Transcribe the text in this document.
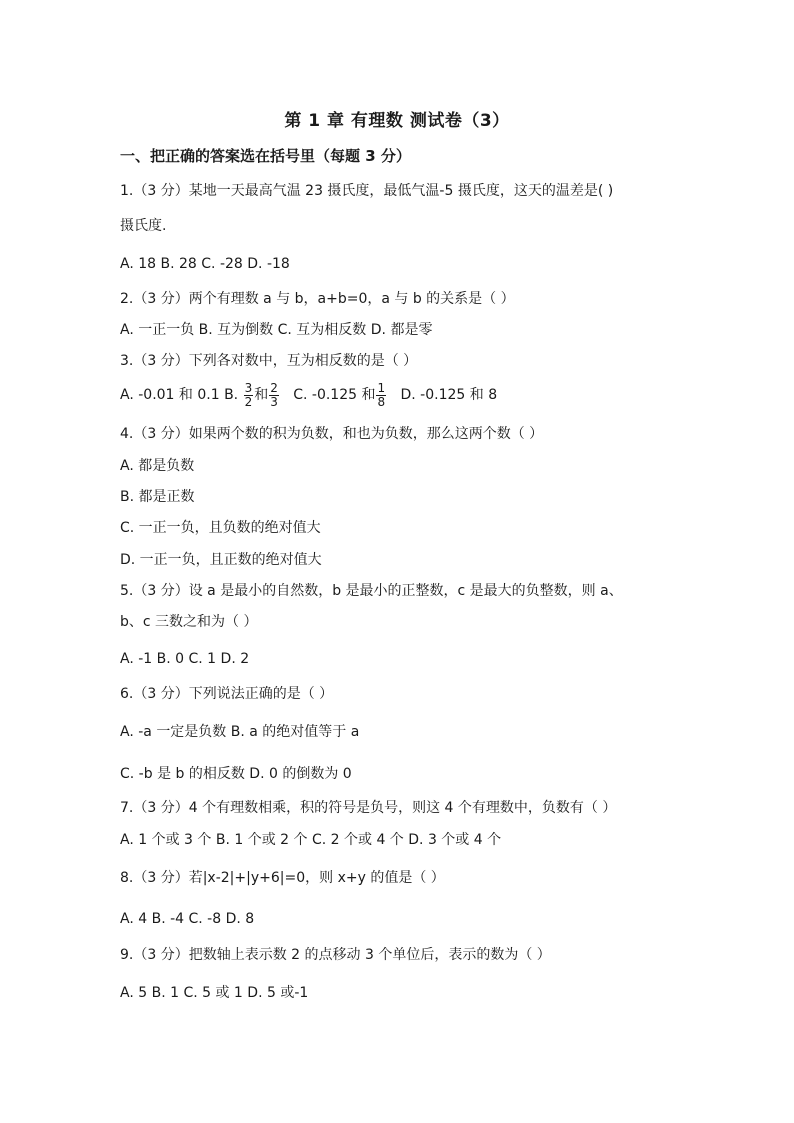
第 1 章 有理数 测试卷（3）
一、把正确的答案选在括号里（每题 3 分）
1.（3 分）某地一天最高气温 23 摄氏度，最低气温-5 摄氏度，这天的温差是( )
摄氏度.
A. 18 B. 28 C. -28 D. -18
2.（3 分）两个有理数 a 与 b，a+b=0，a 与 b 的关系是（ ）
A. 一正一负 B. 互为倒数 C. 互为相反数 D. 都是零
3.（3 分）下列各对数中，互为相反数的是（ ）
A. -0.01 和 0.1 B. $\frac{3}{2}$ 和 $\frac{2}{3} C$. -0.125 和 $\frac{1}{8} D$. -0.125 和 8
4.（3 分）如果两个数的积为负数，和也为负数，那么这两个数（ ）
A. 都是负数
B. 都是正数
C. 一正一负，且负数的绝对值大
D. 一正一负，且正数的绝对值大
5.（3 分）设 a 是最小的自然数，b 是最小的正整数，c 是最大的负整数，则 a、
b、c 三数之和为（ ）
A. -1 B. 0 C. 1 D. 2
6.（3 分）下列说法正确的是（ ）
A. -a 一定是负数 B. a 的绝对值等于 a
C. -b 是 b 的相反数 D. 0 的倒数为 0
7.（3 分）4 个有理数相乘，积的符号是负号，则这 4 个有理数中，负数有（ ）
A. 1 个或 3 个 B. 1 个或 2 个 C. 2 个或 4 个 D. 3 个或 4 个
8.（3 分）若|x-2|+|y+6|=0，则 x+y 的值是（ ）
A. 4 B. -4 C. -8 D. 8
9.（3 分）把数轴上表示数 2 的点移动 3 个单位后，表示的数为（ ）
A. 5 B. 1 C. 5 或 1 D. 5 或-1
